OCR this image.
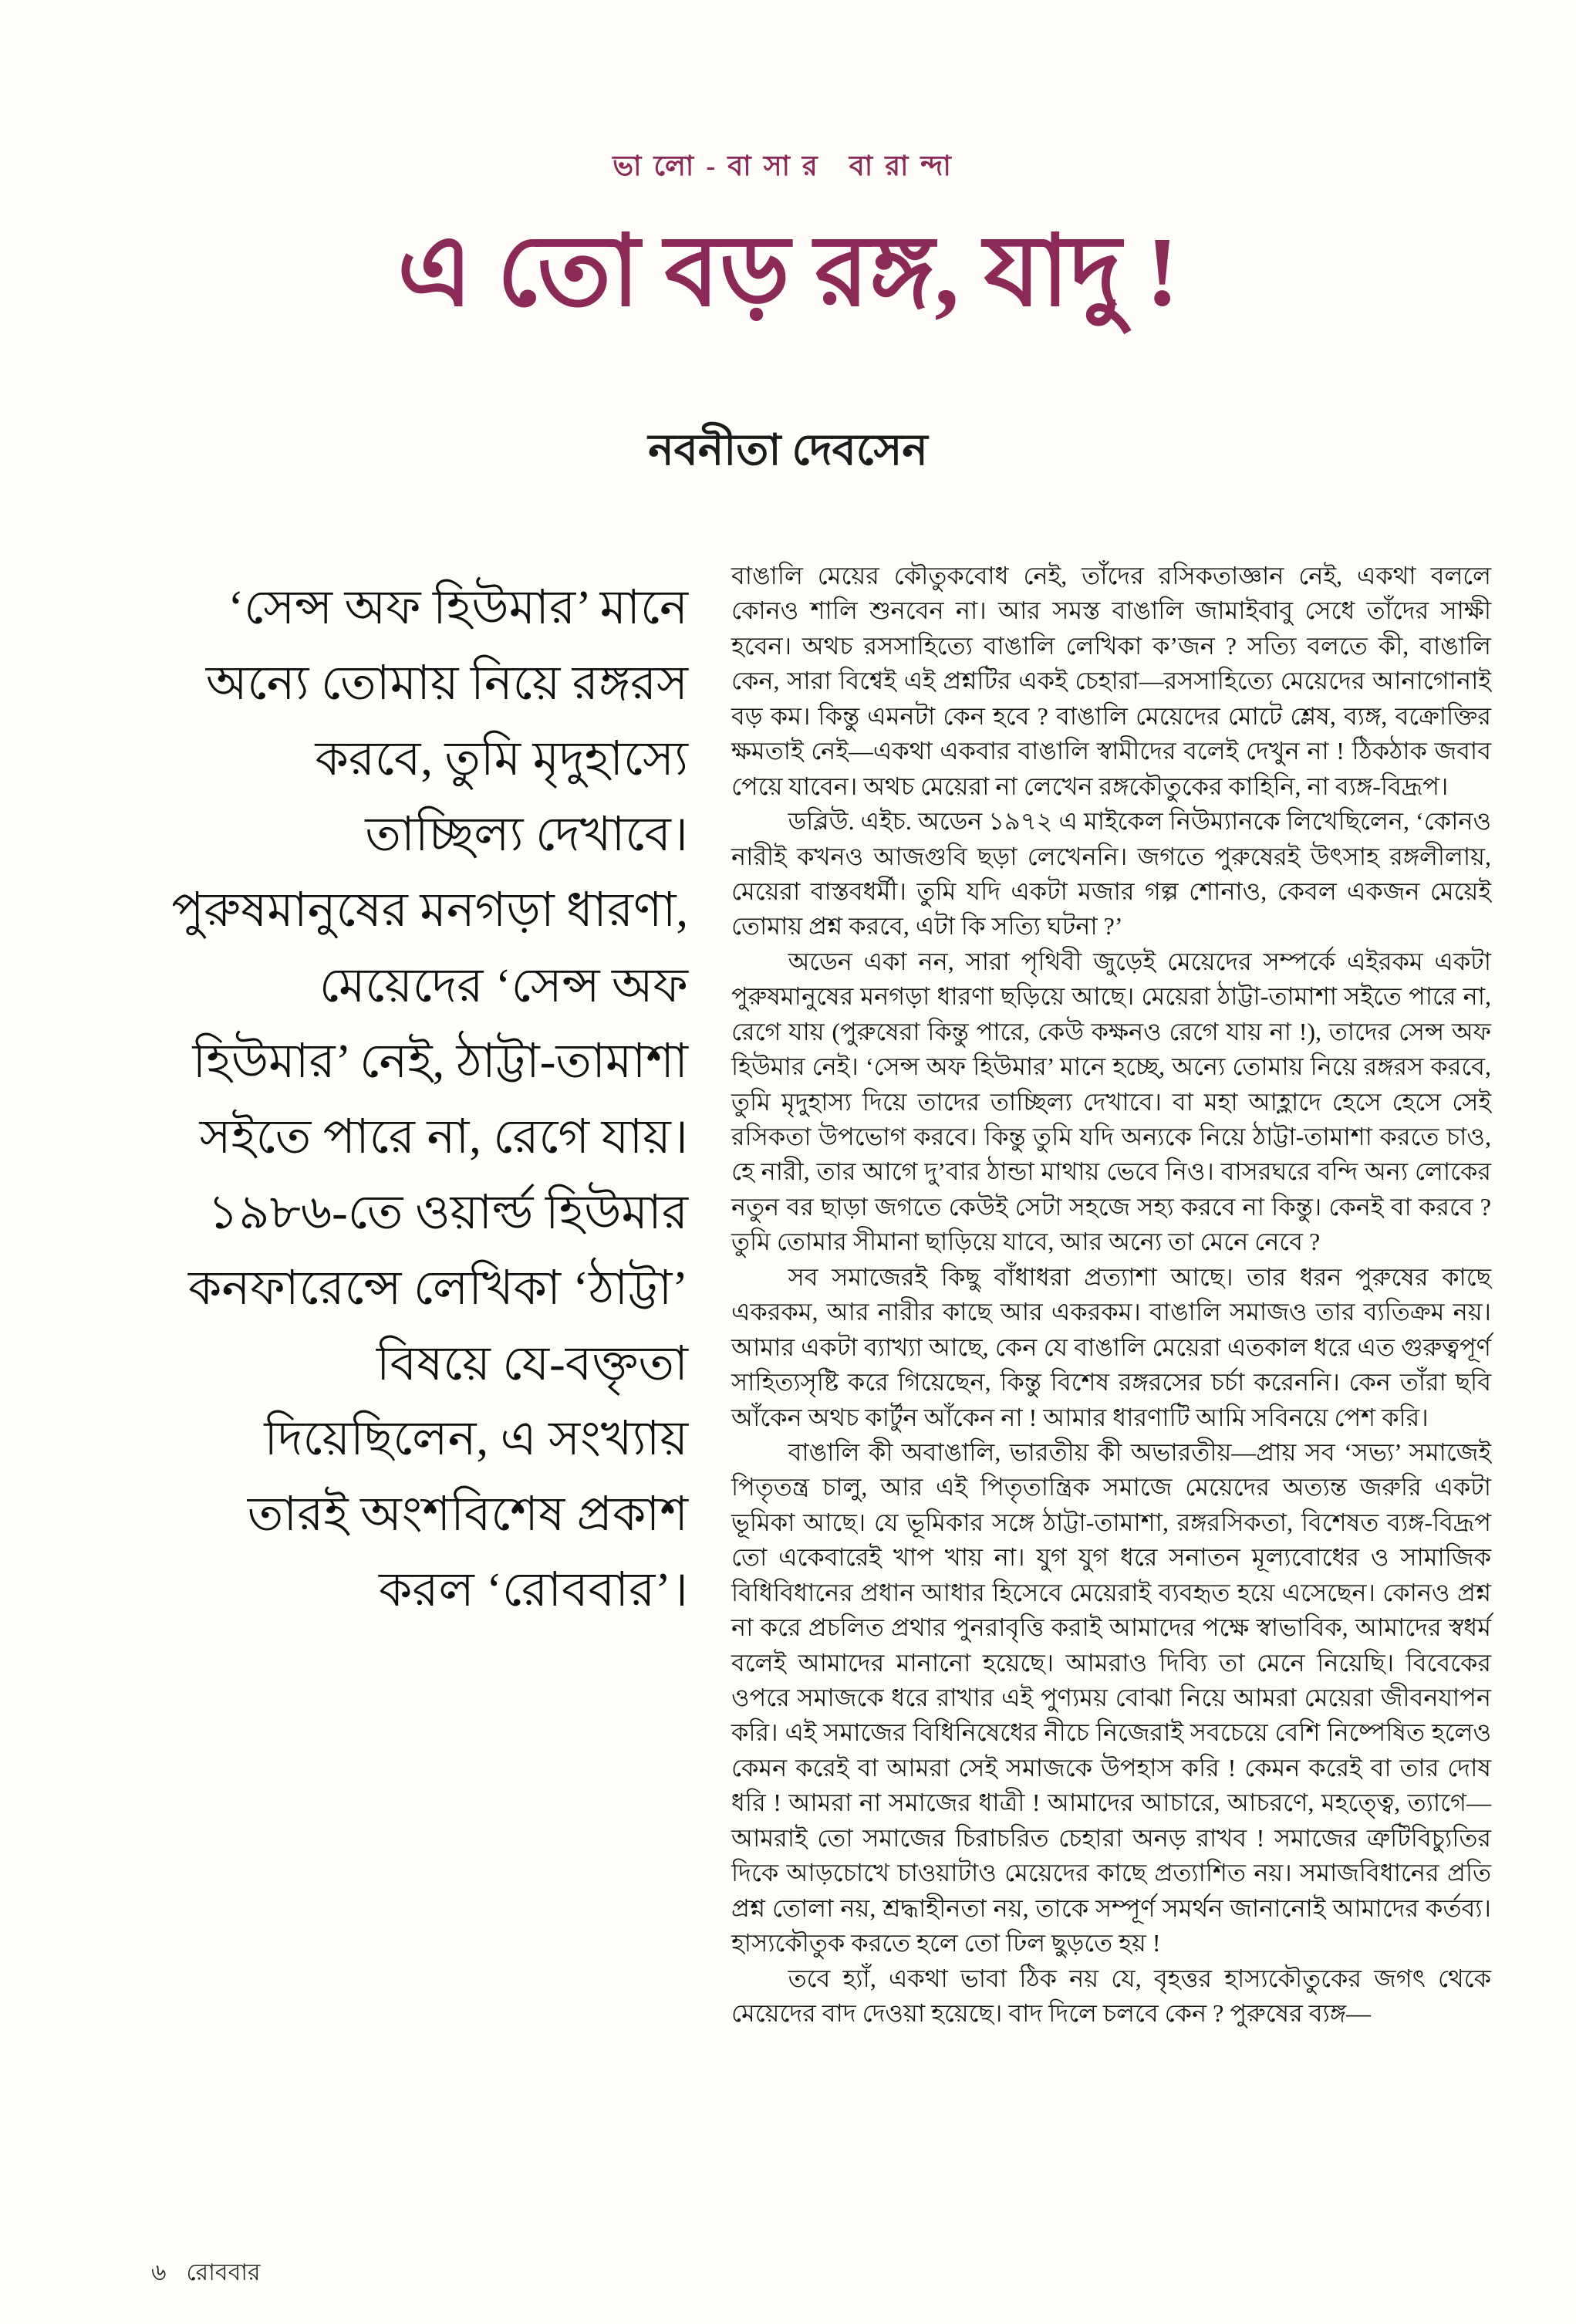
ভালো-বাসার বারান্দা
এ তো বড় রঙ্গ, যাদু !
নবনীতা দেবসেন
‘সেন্স অফ হিউমার’ মানে অন্যে তোমায় নিয়ে রঙ্গরস করবে, তুমি মৃদুহাস্যে তাচ্ছিল্য দেখাবে। পুরুষমানুষের মনগড়া ধারণা, মেয়েদের ‘সেন্স অফ হিউমার’ নেই, ঠাট্টা-তামাশা সইতে পারে না, রেগে যায়। ১৯৮৬-তে ওয়ার্ল্ড হিউমার কনফারেন্সে লেখিকা ‘ঠাট্টা’ বিষয়ে যে-বক্তৃতা দিয়েছিলেন, এ সংখ্যায় তারই অংশবিশেষ প্রকাশ করল ‘রোববার’।

বাঙালি মেয়ের কৌতুকবোধ নেই, তাঁদের রসিকতাজ্ঞান নেই, একথা বললে কোনও শালি শুনবেন না। আর সমস্ত বাঙালি জামাইবাবু সেধে তাঁদের সাক্ষী হবেন। অথচ রসসাহিত্যে বাঙালি লেখিকা ক’জন ? সত্যি বলতে কী, বাঙালি কেন, সারা বিশ্বেই এই প্রশ্নটির একই চেহারা—রসসাহিত্যে মেয়েদের আনাগোনাই বড় কম। কিন্তু এমনটা কেন হবে ? বাঙালি মেয়েদের মোটে শ্লেষ, ব্যঙ্গ, বক্রোক্তির ক্ষমতাই নেই—একথা একবার বাঙালি স্বামীদের বলেই দেখুন না ! ঠিকঠাক জবাব পেয়ে যাবেন। অথচ মেয়েরা না লেখেন রঙ্গকৌতুকের কাহিনি, না ব্যঙ্গ-বিদ্রূপ।

ডব্লিউ. এইচ. অডেন ১৯৭২ এ মাইকেল নিউম্যানকে লিখেছিলেন, ‘কোনও নারীই কখনও আজগুবি ছড়া লেখেননি। জগতে পুরুষেরই উৎসাহ রঙ্গলীলায়, মেয়েরা বাস্তবধর্মী। তুমি যদি একটা মজার গল্প শোনাও, কেবল একজন মেয়েই তোমায় প্রশ্ন করবে, এটা কি সত্যি ঘটনা ?’

অডেন একা নন, সারা পৃথিবী জুড়েই মেয়েদের সম্পর্কে এইরকম একটা পুরুষমানুষের মনগড়া ধারণা ছড়িয়ে আছে। মেয়েরা ঠাট্টা-তামাশা সইতে পারে না, রেগে যায় (পুরুষেরা কিন্তু পারে, কেউ কক্ষনও রেগে যায় না !), তাদের সেন্স অফ হিউমার নেই। ‘সেন্স অফ হিউমার’ মানে হচ্ছে, অন্যে তোমায় নিয়ে রঙ্গরস করবে, তুমি মৃদুহাস্য দিয়ে তাদের তাচ্ছিল্য দেখাবে। বা মহা আহ্লাদে হেসে হেসে সেই রসিকতা উপভোগ করবে। কিন্তু তুমি যদি অন্যকে নিয়ে ঠাট্টা-তামাশা করতে চাও, হে নারী, তার আগে দু’বার ঠান্ডা মাথায় ভেবে নিও। বাসরঘরে বন্দি অন্য লোকের নতুন বর ছাড়া জগতে কেউই সেটা সহজে সহ্য করবে না কিন্তু। কেনই বা করবে ? তুমি তোমার সীমানা ছাড়িয়ে যাবে, আর অন্যে তা মেনে নেবে ?

সব সমাজেরই কিছু বাঁধাধরা প্রত্যাশা আছে। তার ধরন পুরুষের কাছে একরকম, আর নারীর কাছে আর একরকম। বাঙালি সমাজও তার ব্যতিক্রম নয়। আমার একটা ব্যাখ্যা আছে, কেন যে বাঙালি মেয়েরা এতকাল ধরে এত গুরুত্বপূর্ণ সাহিত্যসৃষ্টি করে গিয়েছেন, কিন্তু বিশেষ রঙ্গরসের চর্চা করেননি। কেন তাঁরা ছবি আঁকেন অথচ কার্টুন আঁকেন না ! আমার ধারণাটি আমি সবিনয়ে পেশ করি।

বাঙালি কী অবাঙালি, ভারতীয় কী অভারতীয়—প্রায় সব ‘সভ্য’ সমাজেই পিতৃতন্ত্র চালু, আর এই পিতৃতান্ত্রিক সমাজে মেয়েদের অত্যন্ত জরুরি একটা ভূমিকা আছে। যে ভূমিকার সঙ্গে ঠাট্টা-তামাশা, রঙ্গরসিকতা, বিশেষত ব্যঙ্গ-বিদ্রূপ তো একেবারেই খাপ খায় না। যুগ যুগ ধরে সনাতন মূল্যবোধের ও সামাজিক বিধিবিধানের প্রধান আধার হিসেবে মেয়েরাই ব্যবহৃত হয়ে এসেছেন। কোনও প্রশ্ন না করে প্রচলিত প্রথার পুনরাবৃত্তি করাই আমাদের পক্ষে স্বাভাবিক, আমাদের স্বধর্ম বলেই আমাদের মানানো হয়েছে। আমরাও দিব্যি তা মেনে নিয়েছি। বিবেকের ওপরে সমাজকে ধরে রাখার এই পুণ্যময় বোঝা নিয়ে আমরা মেয়েরা জীবনযাপন করি। এই সমাজের বিধিনিষেধের নীচে নিজেরাই সবচেয়ে বেশি নিষ্পেষিত হলেও কেমন করেই বা আমরা সেই সমাজকে উপহাস করি ! কেমন করেই বা তার দোষ ধরি ! আমরা না সমাজের ধাত্রী ! আমাদের আচারে, আচরণে, মহত্ত্বে, ত্যাগে—আমরাই তো সমাজের চিরাচরিত চেহারা অনড় রাখব ! সমাজের ত্রুটিবিচ্যুতির দিকে আড়চোখে চাওয়াটাও মেয়েদের কাছে প্রত্যাশিত নয়। সমাজবিধানের প্রতি প্রশ্ন তোলা নয়, শ্রদ্ধাহীনতা নয়, তাকে সম্পূর্ণ সমর্থন জানানোই আমাদের কর্তব্য। হাস্যকৌতুক করতে হলে তো ঢিল ছুড়তে হয় !

তবে হ্যাঁ, একথা ভাবা ঠিক নয় যে, বৃহত্তর হাস্যকৌতুকের জগৎ থেকে মেয়েদের বাদ দেওয়া হয়েছে। বাদ দিলে চলবে কেন ? পুরুষের ব্যঙ্গ—

৬ রোববার
